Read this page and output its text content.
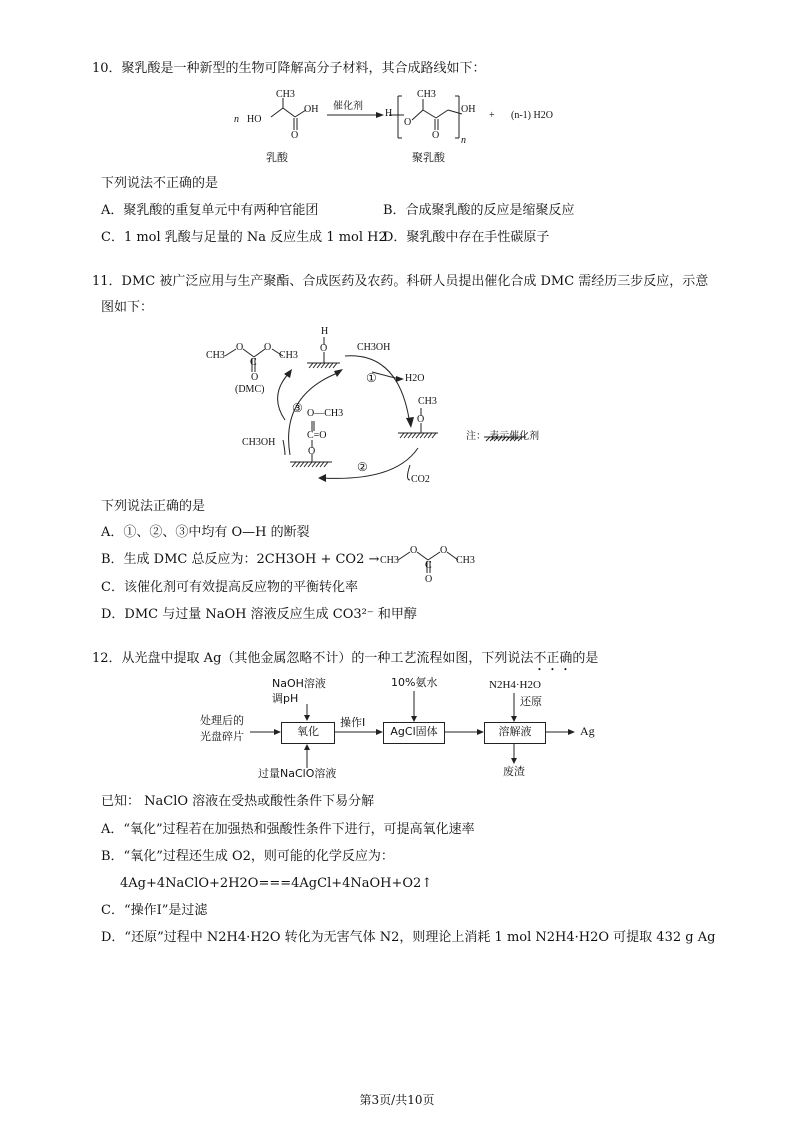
10．聚乳酸是一种新型的生物可降解高分子材料，其合成路线如下：
n HO
CH3
OH
O
催化剂
H
O
CH3
OH
O n
+ (n-1) H2O
乳酸	聚乳酸
下列说法不正确的是
A．聚乳酸的重复单元中有两种官能团	B．合成聚乳酸的反应是缩聚反应
C．1 mol 乳酸与足量的 Na 反应生成 1 mol H2
D．聚乳酸中存在手性碳原子
11．DMC 被广泛应用与生产聚酯、合成医药及农药。科研人员提出催化合成 DMC 需经历三步反应，示意
图如下：
CH3
O
C
O
CH3
O
(DMC)
H
O	CH3OH
①	H2O
CH3
O
③ O—CH3
C=O
O
CH3OH
②
CO2
注： 表示催化剂
下列说法正确的是
A．①、②、③中均有 O—H 的断裂
B．生成 DMC 总反应为：2CH3OH + CO2 → CH3
O
C
O
CH3
O
C．该催化剂可有效提高反应物的平衡转化率
D．DMC 与过量 NaOH 溶液反应生成 CO3²⁻ 和甲醇
12．从光盘中提取 Ag（其他金属忽略不计）的一种工艺流程如图，下列说法不正确的是
处理后的
光盘碎片
NaOH溶液
调pH
氧化
过量NaClO溶液
操作I
AgCl固体
10%氨水
溶解液
N2H4·H2O
还原
废渣
Ag
已知： NaClO 溶液在受热或酸性条件下易分解
A．“氧化”过程若在加强热和强酸性条件下进行，可提高氧化速率
B．“氧化”过程还生成 O2，则可能的化学反应为：
4Ag+4NaClO+2H2O===4AgCl+4NaOH+O2↑
C．“操作I”是过滤
D．“还原”过程中 N2H4·H2O 转化为无害气体 N2，则理论上消耗 1 mol N2H4·H2O 可提取 432 g Ag
第3页/共10页
